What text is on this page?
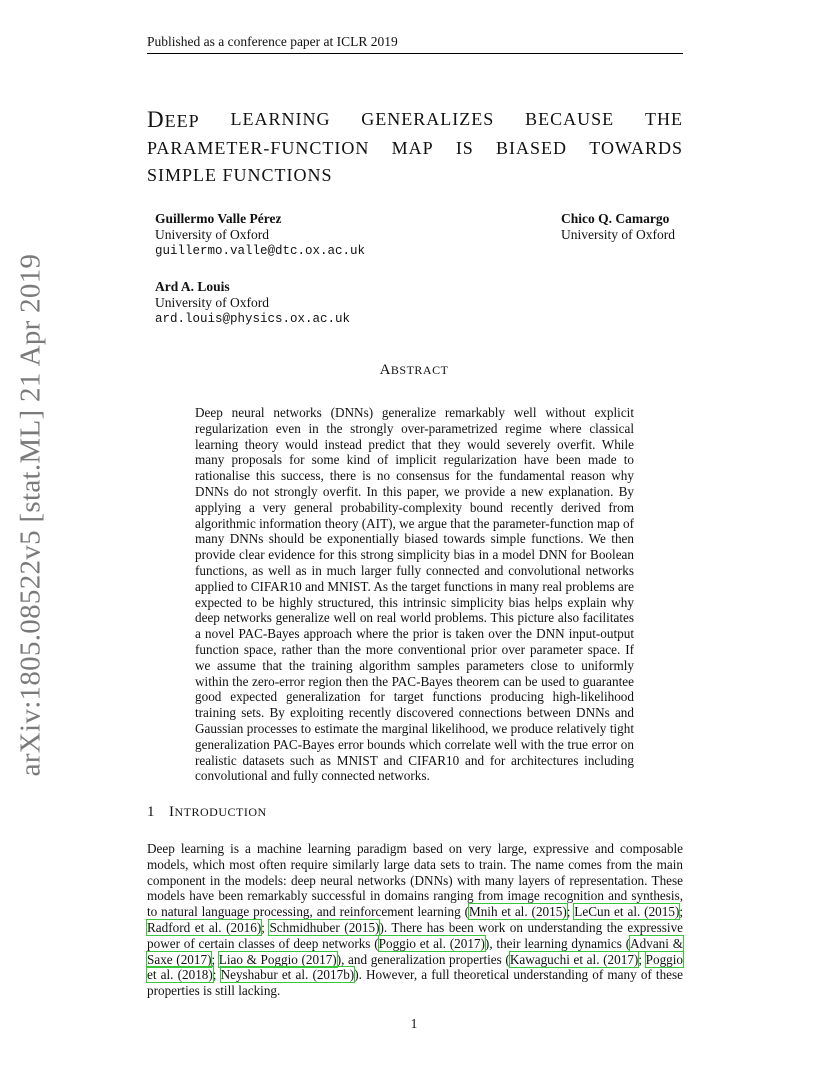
arXiv:1805.08522v5 [stat.ML] 21 Apr 2019
Published as a conference paper at ICLR 2019
DEEP LEARNING GENERALIZES BECAUSE THE
PARAMETER-FUNCTION MAP IS BIASED TOWARDS
SIMPLE FUNCTIONS
Guillermo Valle Pérez
University of Oxford
guillermo.valle@dtc.ox.ac.uk
Chico Q. Camargo
University of Oxford
Ard A. Louis
University of Oxford
ard.louis@physics.ox.ac.uk
ABSTRACT
Deep neural networks (DNNs) generalize remarkably well without explicit regularization even in the strongly over-parametrized regime where classical learning theory would instead predict that they would severely overfit. While many proposals for some kind of implicit regularization have been made to rationalise this success, there is no consensus for the fundamental reason why DNNs do not strongly overfit. In this paper, we provide a new explanation. By applying a very general probability-complexity bound recently derived from algorithmic information theory (AIT), we argue that the parameter-function map of many DNNs should be exponentially biased towards simple functions. We then provide clear evidence for this strong simplicity bias in a model DNN for Boolean functions, as well as in much larger fully connected and convolutional networks applied to CIFAR10 and MNIST. As the target functions in many real problems are expected to be highly structured, this intrinsic simplicity bias helps explain why deep networks generalize well on real world problems. This picture also facilitates a novel PAC-Bayes approach where the prior is taken over the DNN input-output function space, rather than the more conventional prior over parameter space. If we assume that the training algorithm samples parameters close to uniformly within the zero-error region then the PAC-Bayes theorem can be used to guarantee good expected generalization for target functions producing high-likelihood training sets. By exploiting recently discovered connections between DNNs and Gaussian processes to estimate the marginal likelihood, we produce relatively tight generalization PAC-Bayes error bounds which correlate well with the true error on realistic datasets such as MNIST and CIFAR10 and for architectures including convolutional and fully connected networks.
1 INTRODUCTION
Deep learning is a machine learning paradigm based on very large, expressive and composable models, which most often require similarly large data sets to train. The name comes from the main component in the models: deep neural networks (DNNs) with many layers of representation. These models have been remarkably successful in domains ranging from image recognition and synthesis, to natural language processing, and reinforcement learning (Mnih et al. (2015); LeCun et al. (2015); Radford et al. (2016); Schmidhuber (2015)). There has been work on understanding the expressive power of certain classes of deep networks (Poggio et al. (2017)), their learning dynamics (Advani & Saxe (2017); Liao & Poggio (2017)), and generalization properties (Kawaguchi et al. (2017); Poggio et al. (2018); Neyshabur et al. (2017b)). However, a full theoretical understanding of many of these properties is still lacking.
1
